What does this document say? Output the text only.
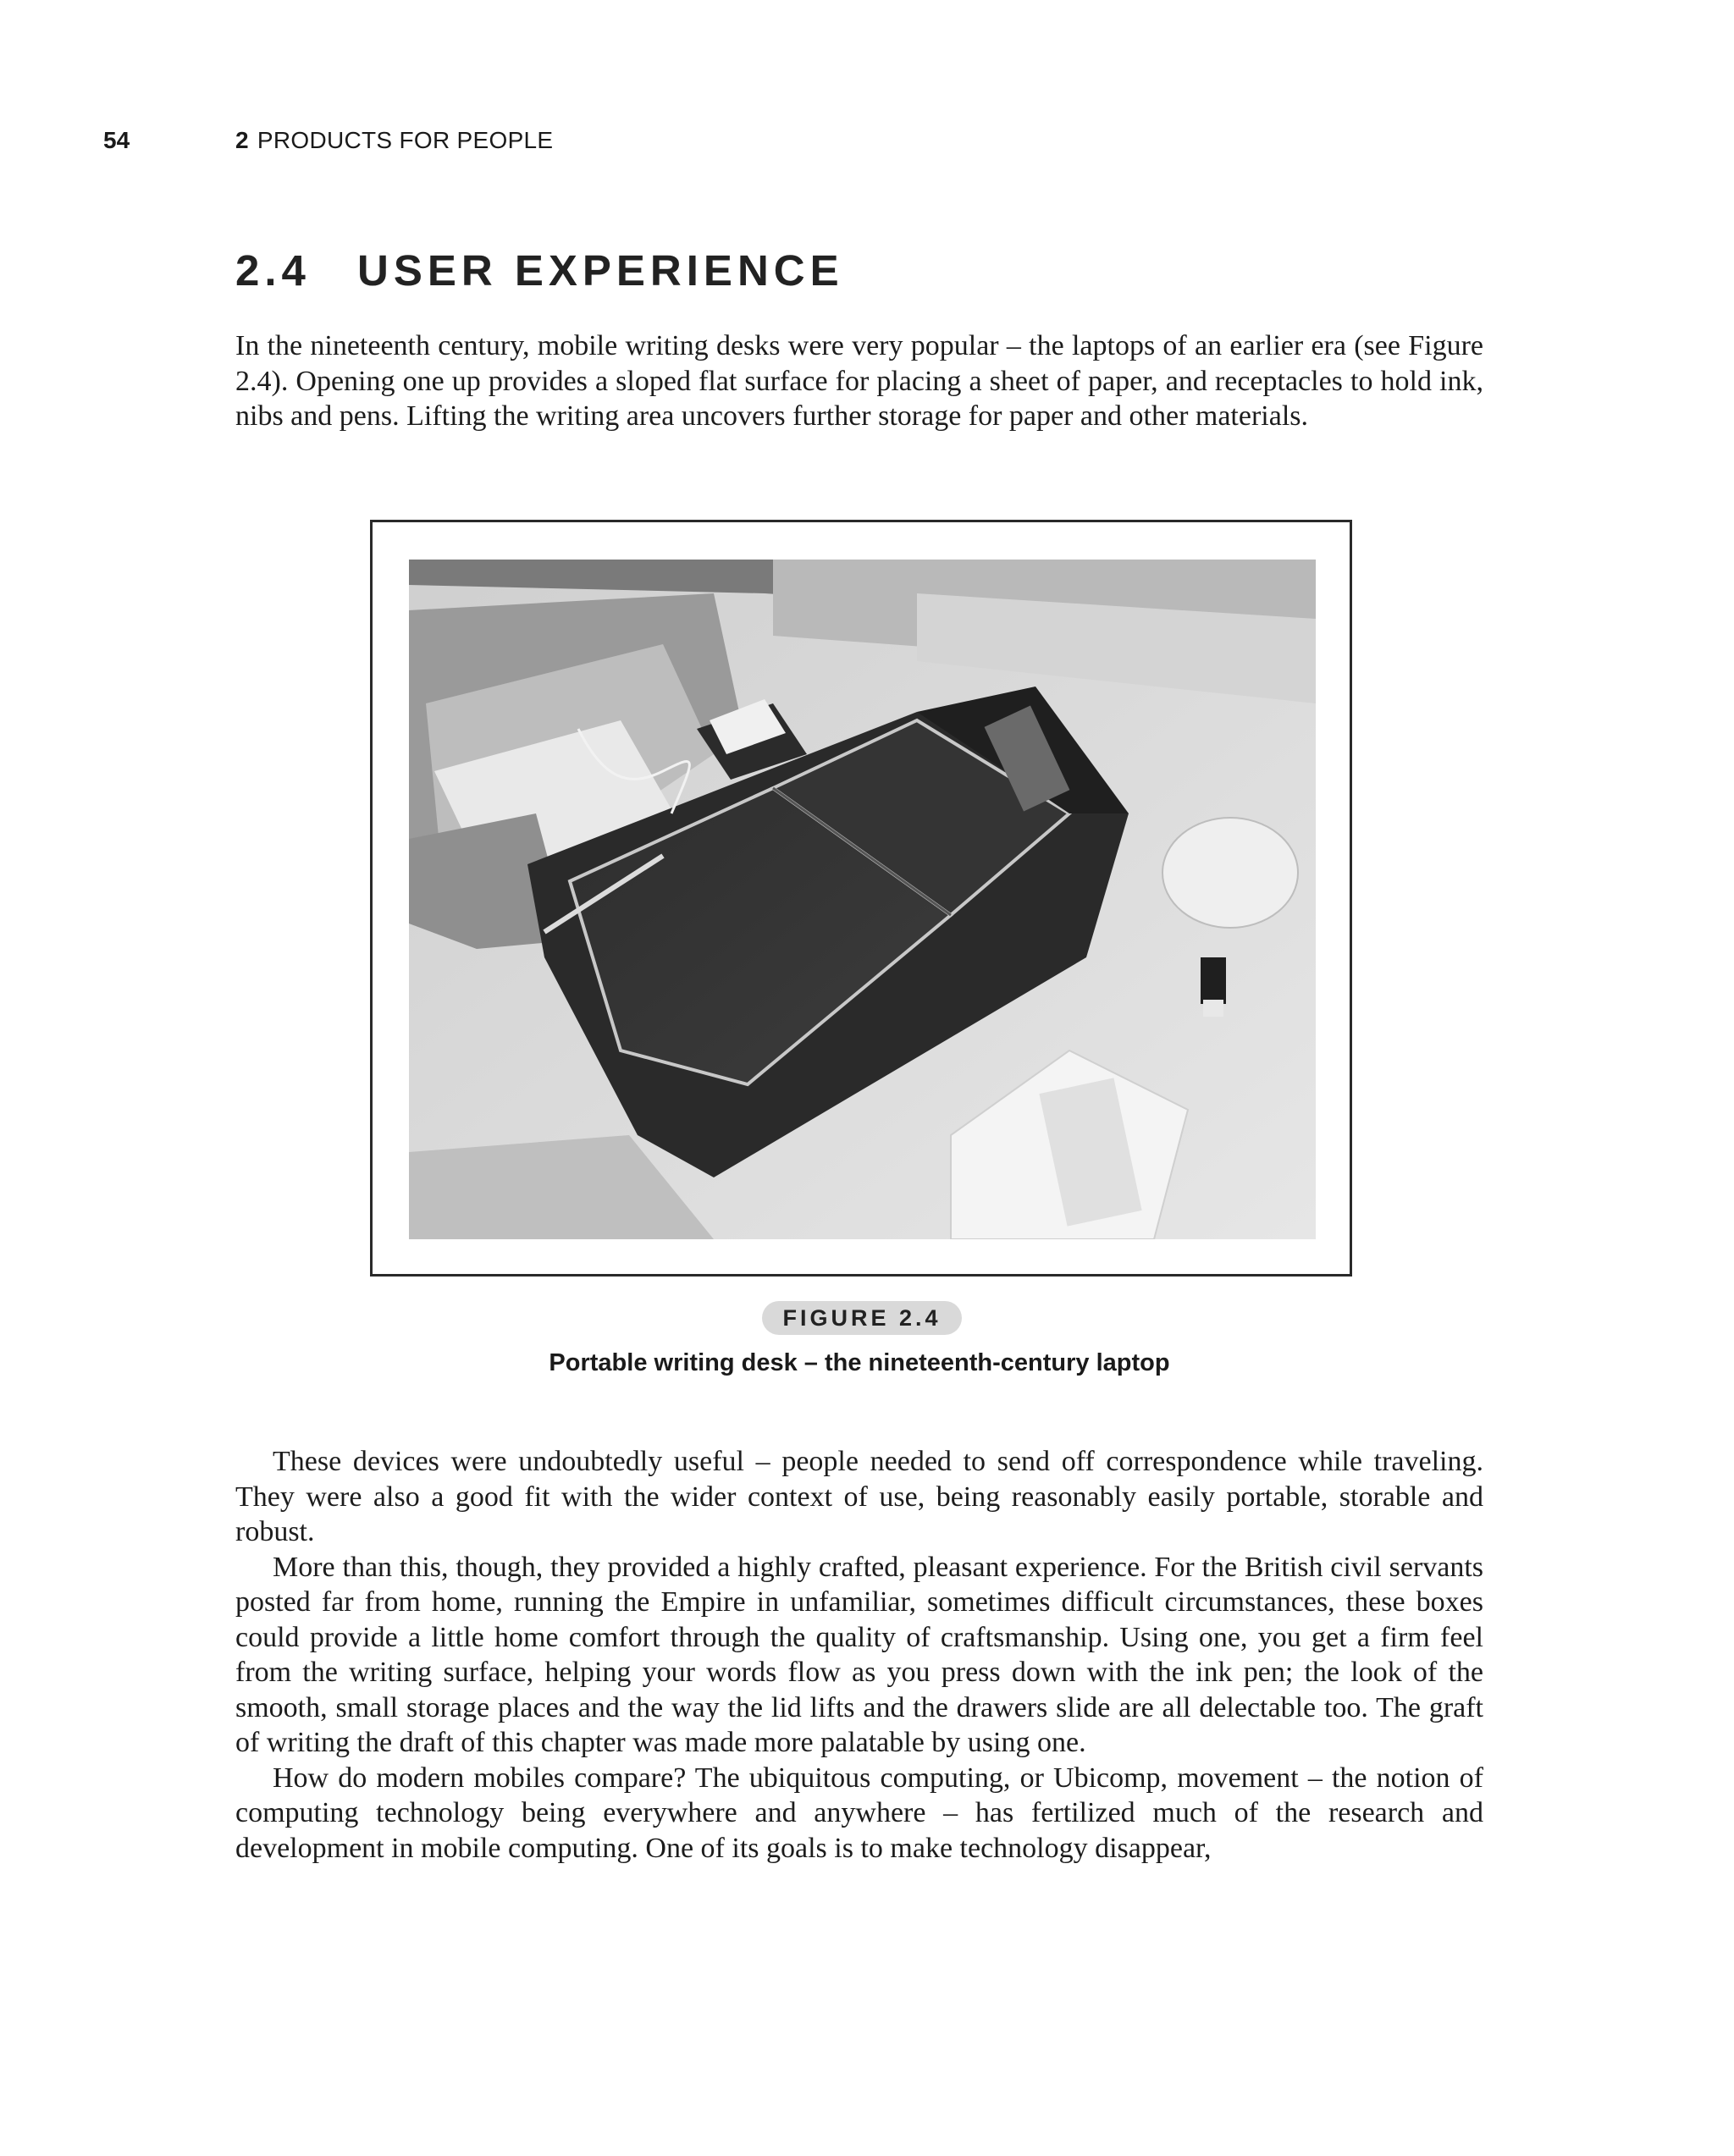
54	2 PRODUCTS FOR PEOPLE
2.4 USER EXPERIENCE

In the nineteenth century, mobile writing desks were very popular – the laptops of an earlier era (see Figure 2.4). Opening one up provides a sloped flat surface for placing a sheet of paper, and receptacles to hold ink, nibs and pens. Lifting the writing area uncovers further storage for paper and other materials.

FIGURE 2.4
Portable writing desk – the nineteenth-century laptop

These devices were undoubtedly useful – people needed to send off correspondence while traveling. They were also a good fit with the wider context of use, being reasonably easily portable, storable and robust.

More than this, though, they provided a highly crafted, pleasant experience. For the British civil servants posted far from home, running the Empire in unfamiliar, sometimes difficult circumstances, these boxes could provide a little home comfort through the quality of craftsmanship. Using one, you get a firm feel from the writing surface, helping your words flow as you press down with the ink pen; the look of the smooth, small storage places and the way the lid lifts and the drawers slide are all delectable too. The graft of writing the draft of this chapter was made more palatable by using one.

How do modern mobiles compare? The ubiquitous computing, or Ubicomp, movement – the notion of computing technology being everywhere and anywhere – has fertilized much of the research and development in mobile computing. One of its goals is to make technology disappear,
